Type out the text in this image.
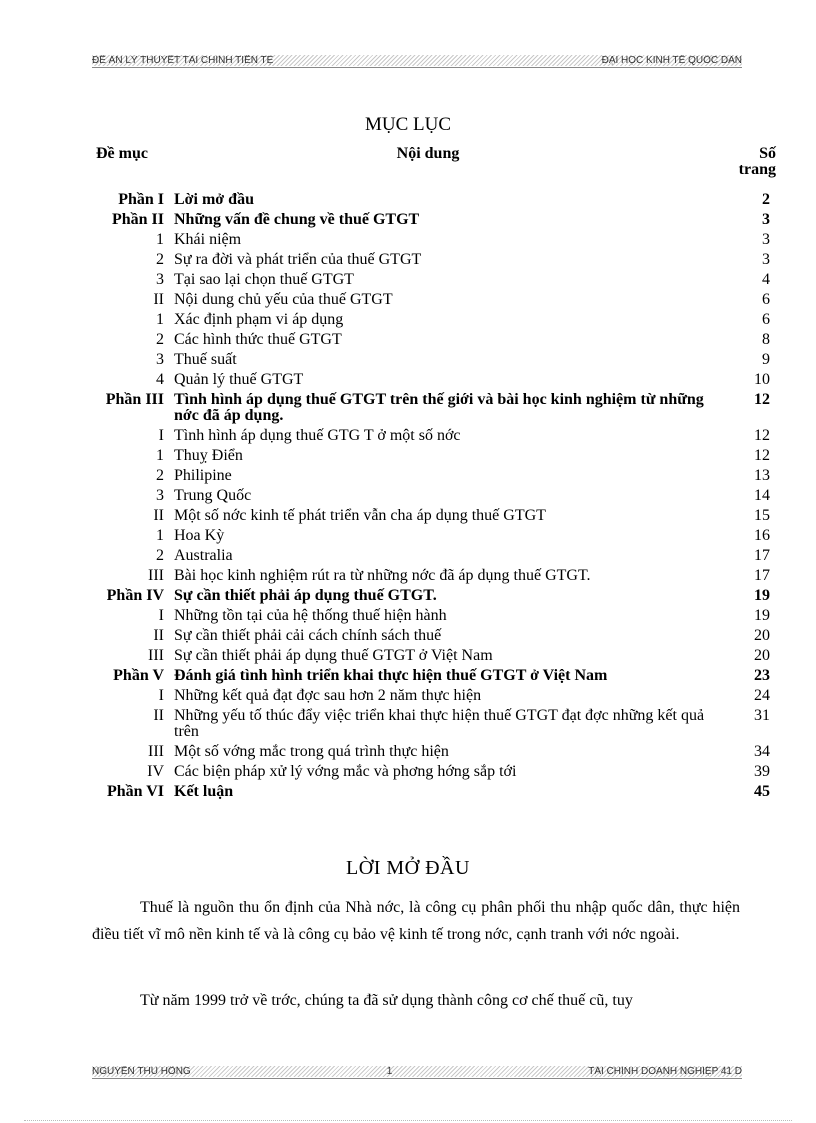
ĐỀ ÁN LÝ THUYẾT TÀI CHÍNH TIỀN TỆ	ĐẠI HỌC KINH TẾ QUỐC DÂN
MỤC LỤC
Đề mục	Nội dung	Số trang
Phần I	Lời mở đầu	2
Phần II	Những vấn đề chung về thuế GTGT	3
1	Khái niệm	3
2	Sự ra đời và phát triển của thuế GTGT	3
3	Tại sao lại chọn thuế GTGT	4
II	Nội dung chủ yếu của thuế GTGT	6
1	Xác định phạm vi áp dụng	6
2	Các hình thức thuế GTGT	8
3	Thuế suất	9
4	Quản lý thuế GTGT	10
Phần III	Tình hình áp dụng thuế GTGT trên thế giới và bài học kinh nghiệm từ những nớc đã áp dụng.	12
I	Tình hình áp dụng thuế GTG T ở một số nớc	12
1	Thuỵ Điển	12
2	Philipine	13
3	Trung Quốc	14
II	Một số nớc kinh tế phát triển vẫn cha áp dụng thuế GTGT	15
1	Hoa Kỳ	16
2	Australia	17
III	Bài học kinh nghiệm rút ra từ những nớc đã áp dụng thuế GTGT.	17
Phần IV	Sự cần thiết phải áp dụng thuế GTGT.	19
I	Những tồn tại của hệ thống thuế hiện hành	19
II	Sự cần thiết phải cải cách chính sách thuế	20
III	Sự cần thiết phải áp dụng thuế GTGT ở Việt Nam	20
Phần V	Đánh giá tình hình triển khai thực hiện thuế GTGT ở Việt Nam	23
I	Những kết quả đạt đợc sau hơn 2 năm thực hiện	24
II	Những yếu tố thúc đẩy việc triển khai thực hiện thuế GTGT đạt đợc những kết quả trên	31
III	Một số vớng mắc trong quá trình thực hiện	34
IV	Các biện pháp xử lý vớng mắc và phơng hớng sắp tới	39
Phần VI	Kết luận	45
LỜI MỞ ĐẦU

Thuế là nguồn thu ổn định của Nhà nớc, là công cụ phân phối thu nhập quốc dân, thực hiện điều tiết vĩ mô nền kinh tế và là công cụ bảo vệ kinh tế trong nớc, cạnh tranh với nớc ngoài.

Từ năm 1999 trở về trớc, chúng ta đã sử dụng thành công cơ chế thuế cũ, tuy

NGUYỄN THU HỒNG	1	TÀI CHÍNH DOANH NGHIỆP 41 D
